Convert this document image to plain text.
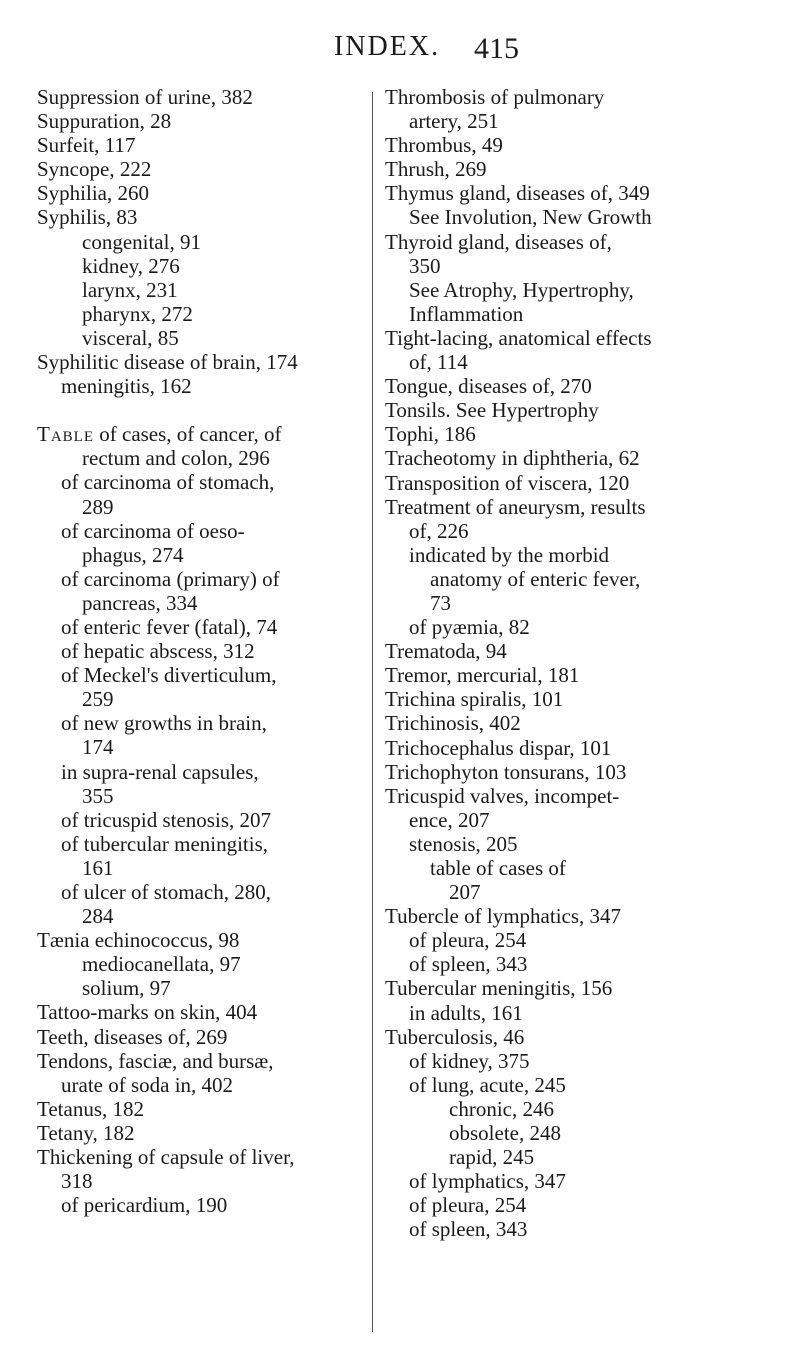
INDEX. 415
Suppression of urine, 382
Suppuration, 28
Surfeit, 117
Syncope, 222
Syphilia, 260
Syphilis, 83
congenital, 91
kidney, 276
larynx, 231
pharynx, 272
visceral, 85
Syphilitic disease of brain, 174
meningitis, 162
Table of cases, of cancer, of
rectum and colon, 296
of carcinoma of stomach,
289
of carcinoma of oeso-
phagus, 274
of carcinoma (primary) of
pancreas, 334
of enteric fever (fatal), 74
of hepatic abscess, 312
of Meckel's diverticulum,
259
of new growths in brain,
174
in supra-renal capsules,
355
of tricuspid stenosis, 207
of tubercular meningitis,
161
of ulcer of stomach, 280,
284
Tænia echinococcus, 98
mediocanellata, 97
solium, 97
Tattoo-marks on skin, 404
Teeth, diseases of, 269
Tendons, fasciæ, and bursæ,
urate of soda in, 402
Tetanus, 182
Tetany, 182
Thickening of capsule of liver,
318
of pericardium, 190
Thrombosis of pulmonary
artery, 251
Thrombus, 49
Thrush, 269
Thymus gland, diseases of, 349
See Involution, New Growth
Thyroid gland, diseases of,
350
See Atrophy, Hypertrophy,
Inflammation
Tight-lacing, anatomical effects
of, 114
Tongue, diseases of, 270
Tonsils. See Hypertrophy
Tophi, 186
Tracheotomy in diphtheria, 62
Transposition of viscera, 120
Treatment of aneurysm, results
of, 226
indicated by the morbid
anatomy of enteric fever,
73
of pyæmia, 82
Trematoda, 94
Tremor, mercurial, 181
Trichina spiralis, 101
Trichinosis, 402
Trichocephalus dispar, 101
Trichophyton tonsurans, 103
Tricuspid valves, incompet-
ence, 207
stenosis, 205
table of cases of
207
Tubercle of lymphatics, 347
of pleura, 254
of spleen, 343
Tubercular meningitis, 156
in adults, 161
Tuberculosis, 46
of kidney, 375
of lung, acute, 245
chronic, 246
obsolete, 248
rapid, 245
of lymphatics, 347
of pleura, 254
of spleen, 343
